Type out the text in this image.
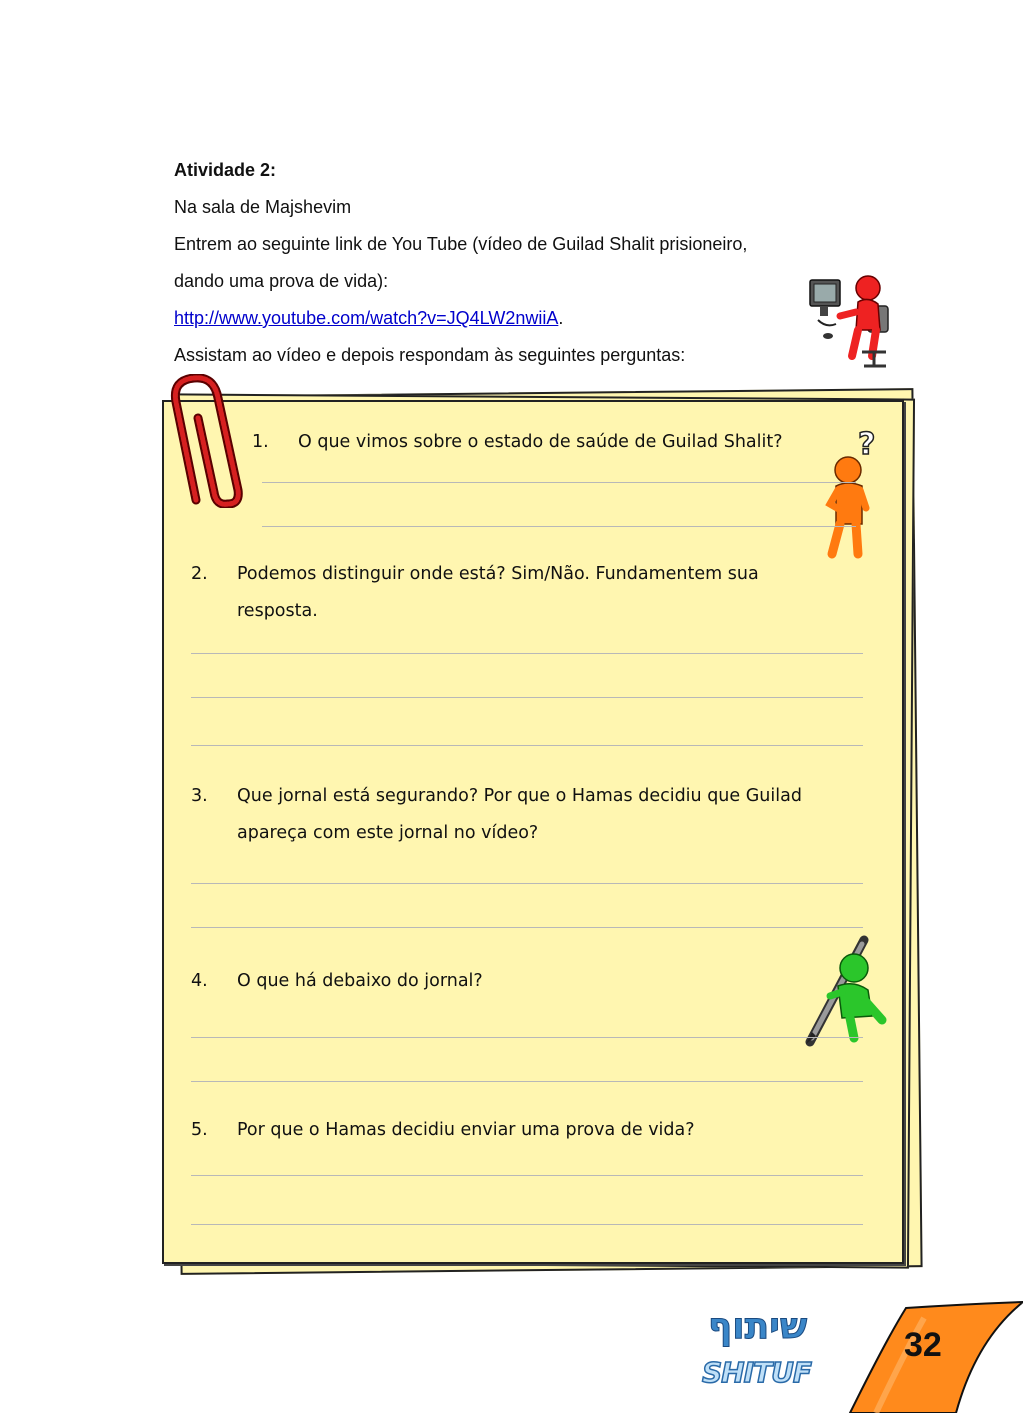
Atividade 2:
Na sala de Majshevim
Entrem ao seguinte link de You Tube (vídeo de Guilad Shalit prisioneiro,
dando uma prova de vida):
http://www.youtube.com/watch?v=JQ4LW2nwiiA.
Assistam ao vídeo e depois respondam às seguintes perguntas:
?
1.	O que vimos sobre o estado de saúde de Guilad Shalit?
2.	Podemos distinguir onde está? Sim/Não. Fundamentem sua resposta.
3.	Que jornal está segurando? Por que o Hamas decidiu que Guilad apareça com este jornal no vídeo?
4.	O que há debaixo do jornal?
5.	Por que o Hamas decidiu enviar uma prova de vida?
שיתוף
SHITUF
32
